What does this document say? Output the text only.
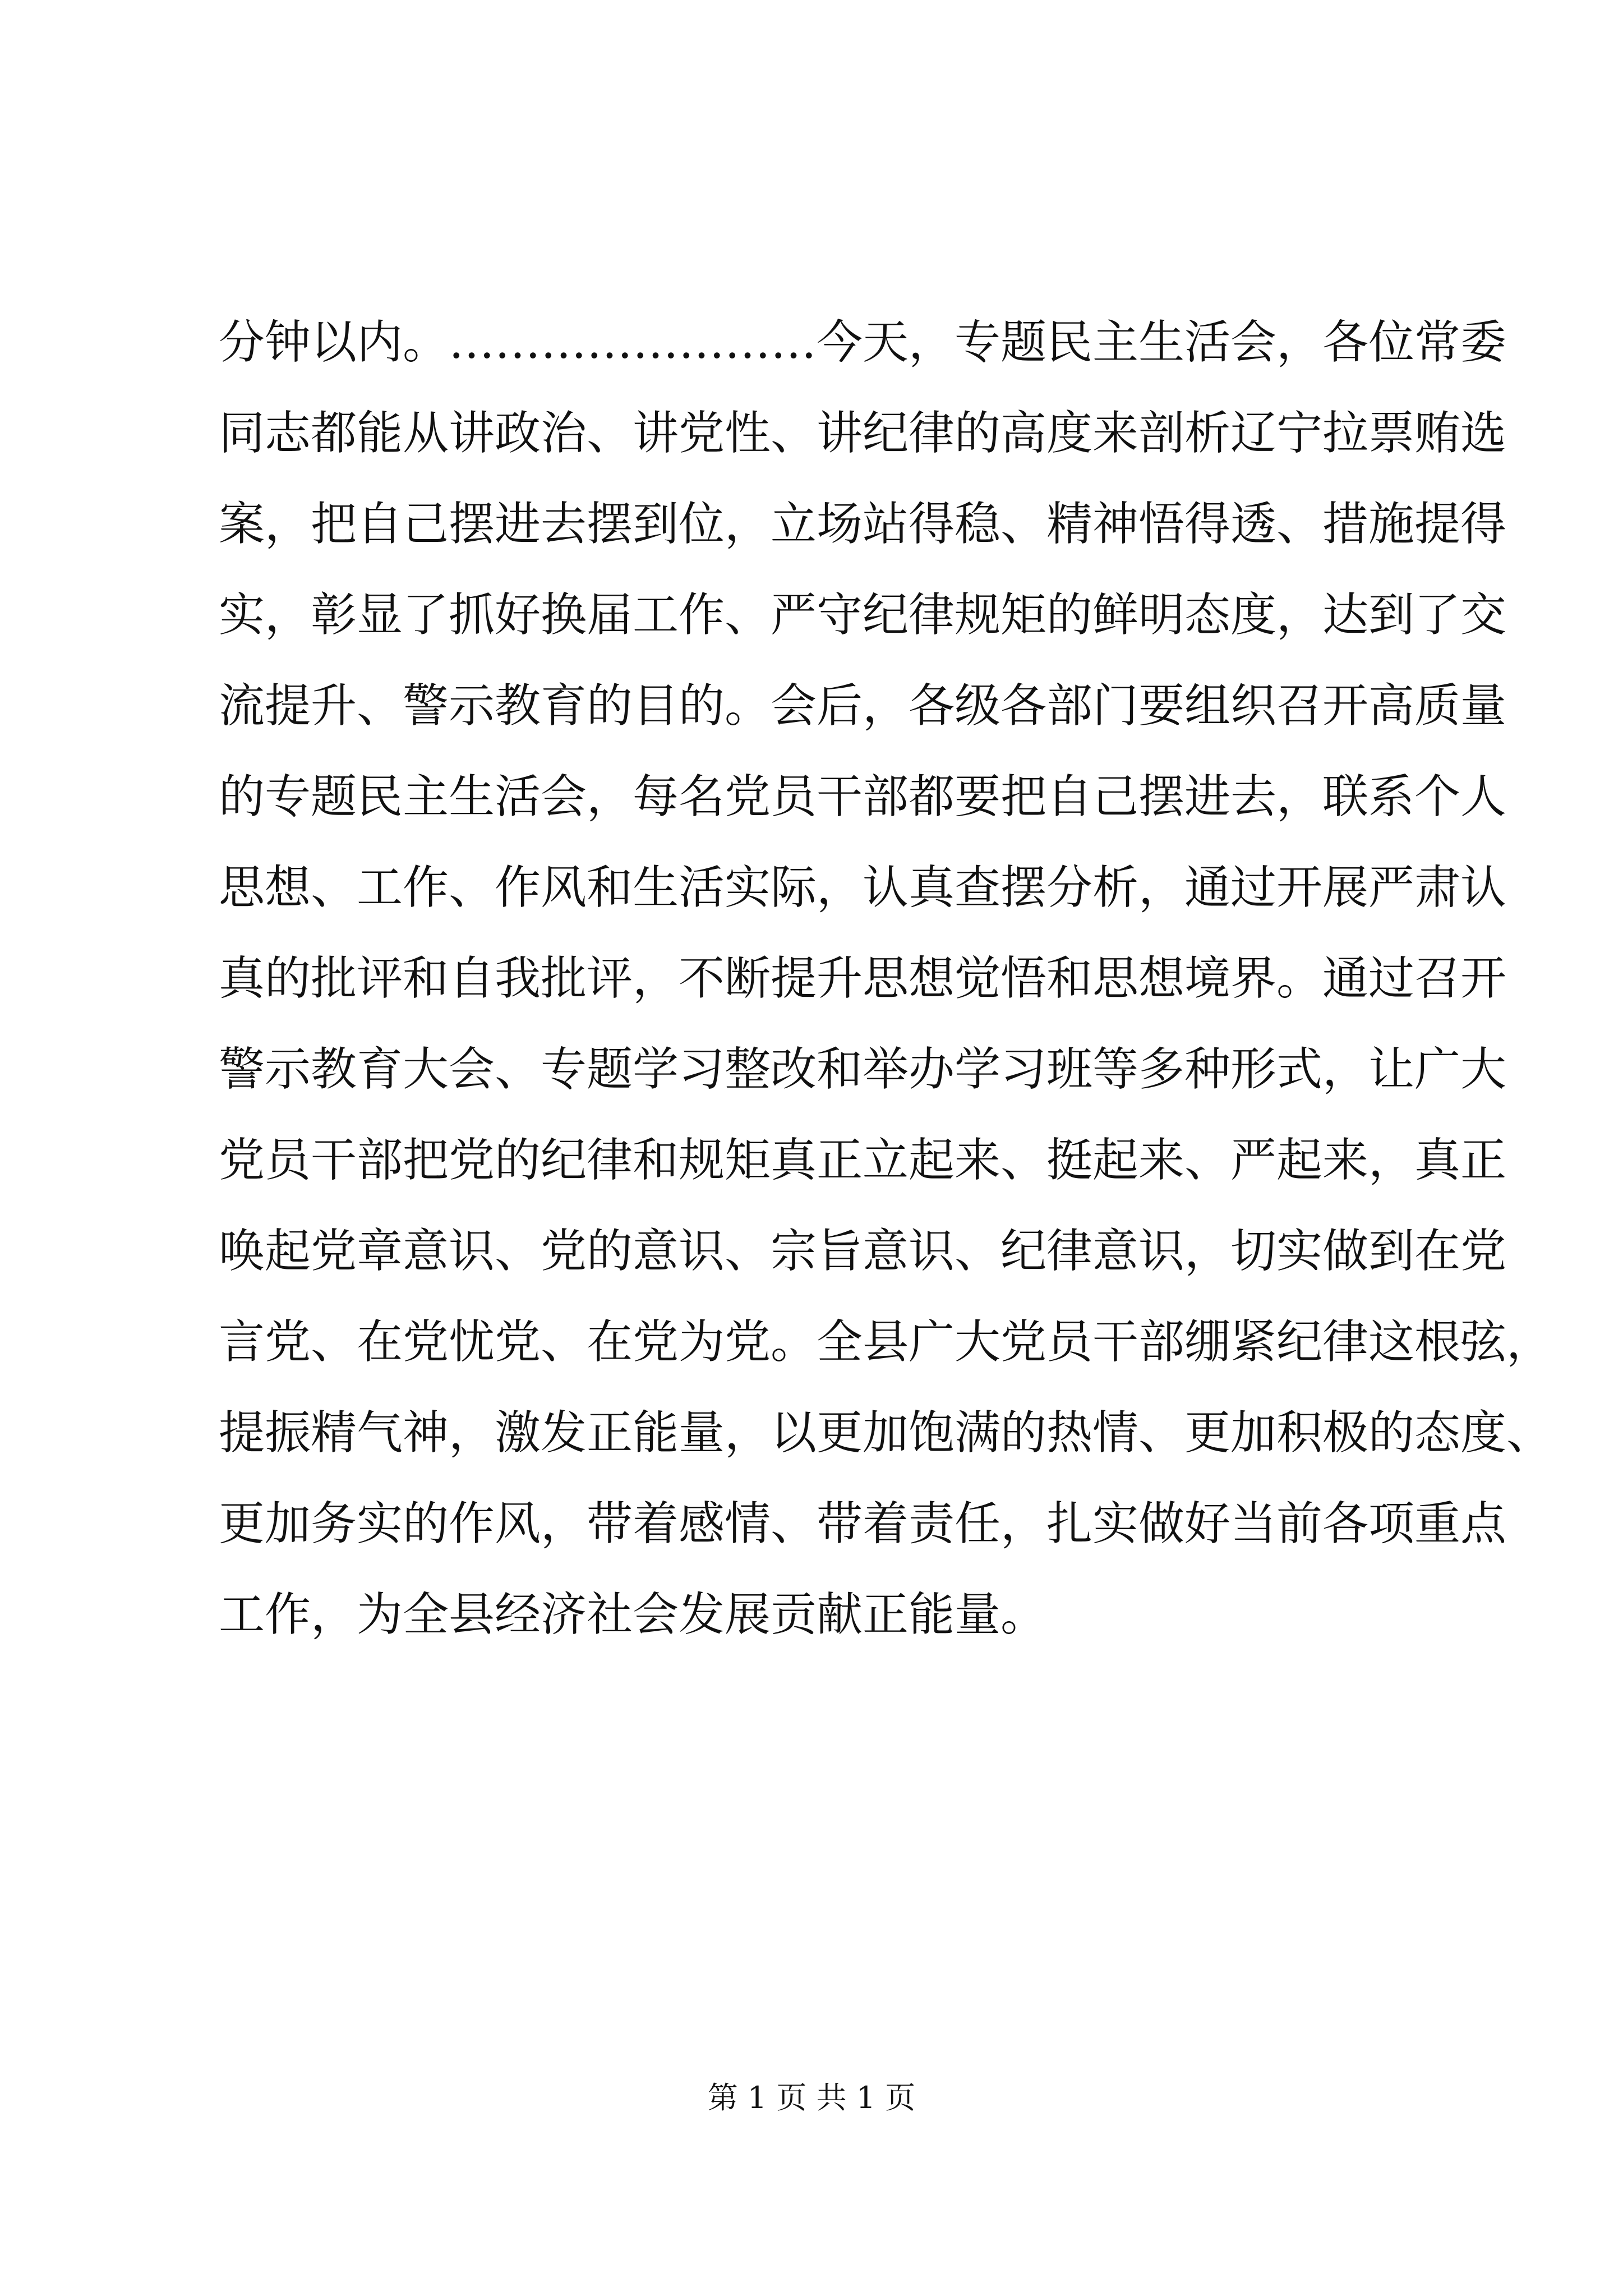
分钟以内。……………………今天，专题民主生活会，各位常委
同志都能从讲政治、讲党性、讲纪律的高度来剖析辽宁拉票贿选
案，把自己摆进去摆到位，立场站得稳、精神悟得透、措施提得
实，彰显了抓好换届工作、严守纪律规矩的鲜明态度，达到了交
流提升、警示教育的目的。会后，各级各部门要组织召开高质量
的专题民主生活会，每名党员干部都要把自己摆进去，联系个人
思想、工作、作风和生活实际，认真查摆分析，通过开展严肃认
真的批评和自我批评，不断提升思想觉悟和思想境界。通过召开
警示教育大会、专题学习整改和举办学习班等多种形式，让广大
党员干部把党的纪律和规矩真正立起来、挺起来、严起来，真正
唤起党章意识、党的意识、宗旨意识、纪律意识，切实做到在党
言党、在党忧党、在党为党。全县广大党员干部绷紧纪律这根弦，
提振精气神，激发正能量，以更加饱满的热情、更加积极的态度、
更加务实的作风，带着感情、带着责任，扎实做好当前各项重点
工作，为全县经济社会发展贡献正能量。
第 1 页 共 1 页
